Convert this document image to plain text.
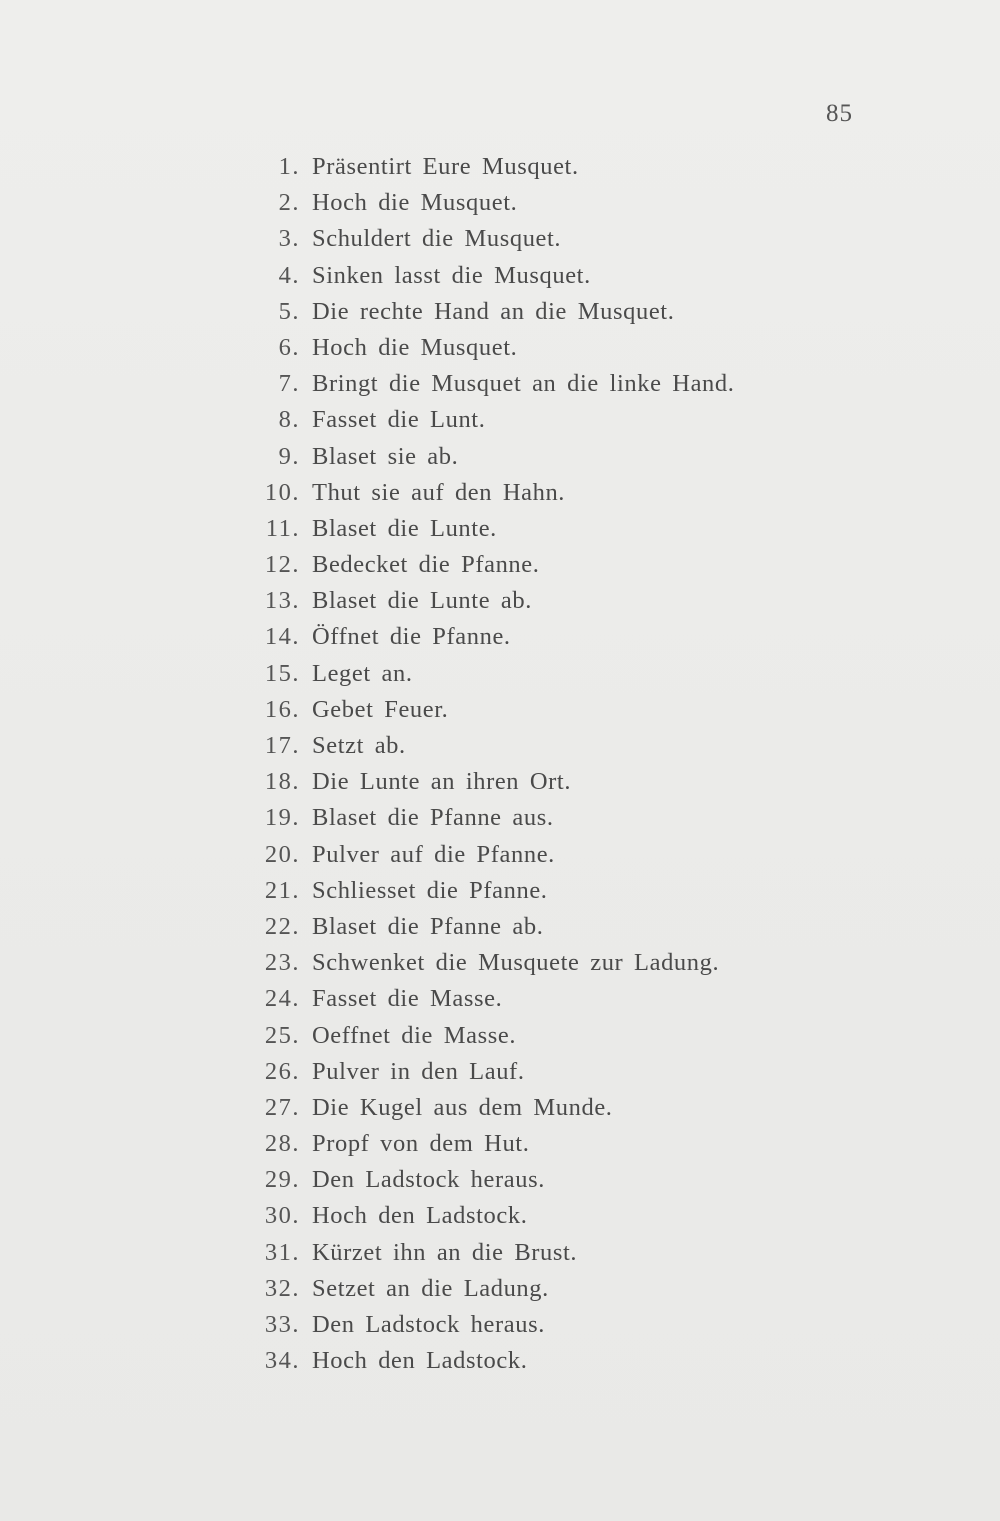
85
1. Präsentirt Eure Musquet.
2. Hoch die Musquet.
3. Schuldert die Musquet.
4. Sinken lasst die Musquet.
5. Die rechte Hand an die Musquet.
6. Hoch die Musquet.
7. Bringt die Musquet an die linke Hand.
8. Fasset die Lunt.
9. Blaset sie ab.
10. Thut sie auf den Hahn.
11. Blaset die Lunte.
12. Bedecket die Pfanne.
13. Blaset die Lunte ab.
14. Öffnet die Pfanne.
15. Leget an.
16. Gebet Feuer.
17. Setzt ab.
18. Die Lunte an ihren Ort.
19. Blaset die Pfanne aus.
20. Pulver auf die Pfanne.
21. Schliesset die Pfanne.
22. Blaset die Pfanne ab.
23. Schwenket die Musquete zur Ladung.
24. Fasset die Masse.
25. Oeffnet die Masse.
26. Pulver in den Lauf.
27. Die Kugel aus dem Munde.
28. Propf von dem Hut.
29. Den Ladstock heraus.
30. Hoch den Ladstock.
31. Kürzet ihn an die Brust.
32. Setzet an die Ladung.
33. Den Ladstock heraus.
34. Hoch den Ladstock.
